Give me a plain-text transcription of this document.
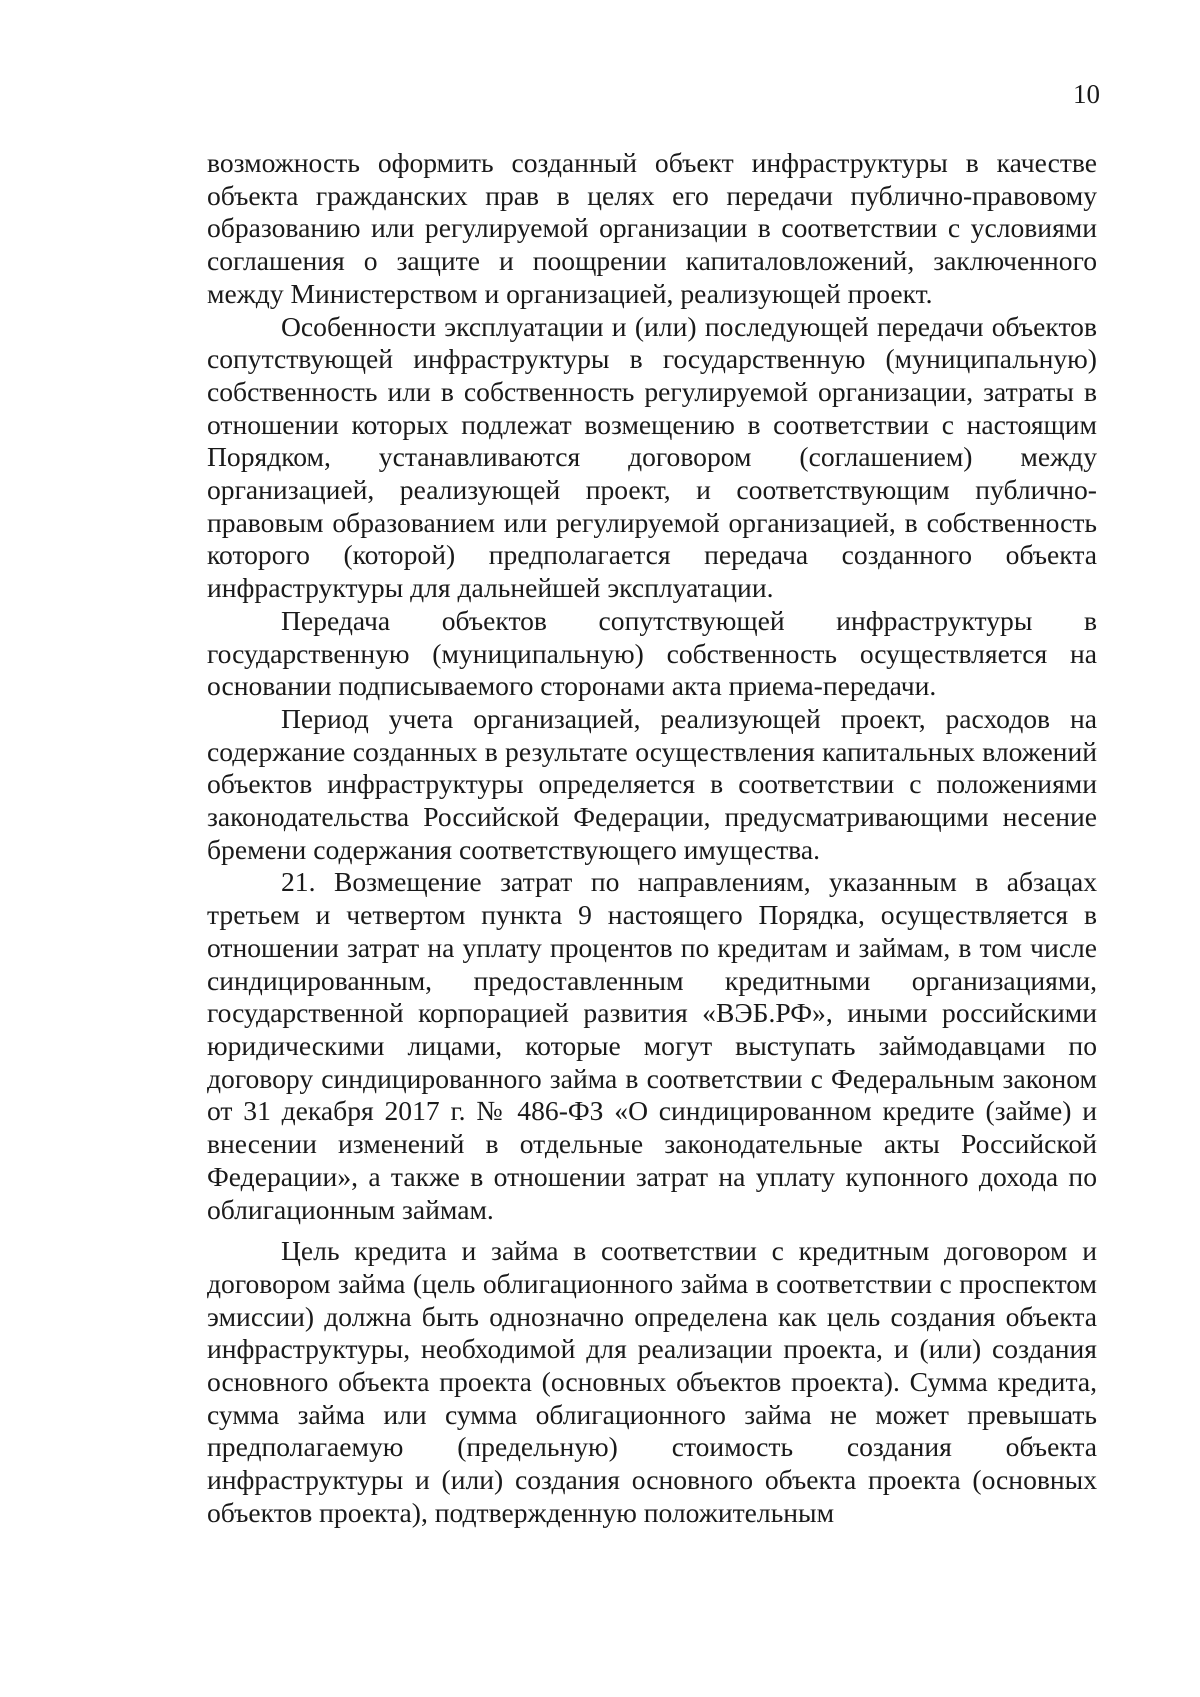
10

возможность оформить созданный объект инфраструктуры в качестве объекта гражданских прав в целях его передачи публично-правовому образованию или регулируемой организации в соответствии с условиями соглашения о защите и поощрении капиталовложений, заключенного между Министерством и организацией, реализующей проект.

Особенности эксплуатации и (или) последующей передачи объектов сопутствующей инфраструктуры в государственную (муниципальную) собственность или в собственность регулируемой организации, затраты в отношении которых подлежат возмещению в соответствии с настоящим Порядком, устанавливаются договором (соглашением) между организацией, реализующей проект, и соответствующим публично-правовым образованием или регулируемой организацией, в собственность которого (которой) предполагается передача созданного объекта инфраструктуры для дальнейшей эксплуатации.

Передача объектов сопутствующей инфраструктуры в государственную (муниципальную) собственность осуществляется на основании подписываемого сторонами акта приема-передачи.

Период учета организацией, реализующей проект, расходов на содержание созданных в результате осуществления капитальных вложений объектов инфраструктуры определяется в соответствии с положениями законодательства Российской Федерации, предусматривающими несение бремени содержания соответствующего имущества.

21. Возмещение затрат по направлениям, указанным в абзацах третьем и четвертом пункта 9 настоящего Порядка, осуществляется в отношении затрат на уплату процентов по кредитам и займам, в том числе синдицированным, предоставленным кредитными организациями, государственной корпорацией развития «ВЭБ.РФ», иными российскими юридическими лицами, которые могут выступать займодавцами по договору синдицированного займа в соответствии с Федеральным законом от 31 декабря 2017 г. № 486-ФЗ «О синдицированном кредите (займе) и внесении изменений в отдельные законодательные акты Российской Федерации», а также в отношении затрат на уплату купонного дохода по облигационным займам.

Цель кредита и займа в соответствии с кредитным договором и договором займа (цель облигационного займа в соответствии с проспектом эмиссии) должна быть однозначно определена как цель создания объекта инфраструктуры, необходимой для реализации проекта, и (или) создания основного объекта проекта (основных объектов проекта). Сумма кредита, сумма займа или сумма облигационного займа не может превышать предполагаемую (предельную) стоимость создания объекта инфраструктуры и (или) создания основного объекта проекта (основных объектов проекта), подтвержденную положительным
